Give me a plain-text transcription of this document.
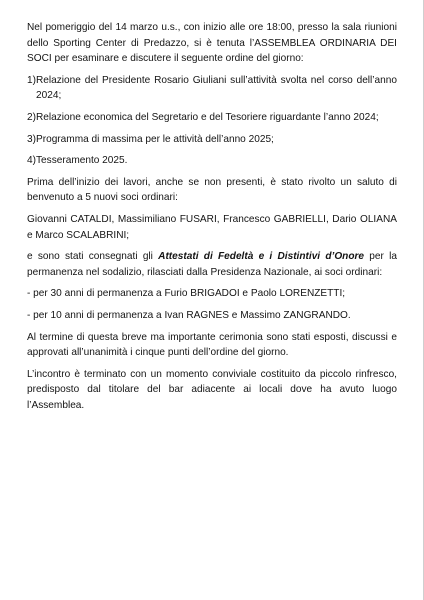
Nel pomeriggio del 14 marzo u.s., con inizio alle ore 18:00, presso la sala riunioni dello Sporting Center di Predazzo, si è tenuta l’ASSEMBLEA ORDINARIA DEI SOCI per esaminare e discutere il seguente ordine del giorno:

1) Relazione del Presidente Rosario Giuliani sull’attività svolta nel corso dell’anno 2024;
2) Relazione economica del Segretario e del Tesoriere riguardante l’anno 2024;
3) Programma di massima per le attività dell’anno 2025;
4) Tesseramento 2025.

Prima dell’inizio dei lavori, anche se non presenti, è stato rivolto un saluto di benvenuto a 5 nuovi soci ordinari:

Giovanni CATALDI, Massimiliano FUSARI, Francesco GABRIELLI, Dario OLIANA e Marco SCALABRINI;

e sono stati consegnati gli Attestati di Fedeltà e i Distintivi d’Onore per la permanenza nel sodalizio, rilasciati dalla Presidenza Nazionale, ai soci ordinari:

- per 30 anni di permanenza a Furio BRIGADOI e Paolo LORENZETTI;

- per 10 anni di permanenza a Ivan RAGNES e Massimo ZANGRANDO.

Al termine di questa breve ma importante cerimonia sono stati esposti, discussi e approvati all’unanimità i cinque punti dell’ordine del giorno.

L’incontro è terminato con un momento conviviale costituito da piccolo rinfresco, predisposto dal titolare del bar adiacente ai locali dove ha avuto luogo l’Assemblea.
